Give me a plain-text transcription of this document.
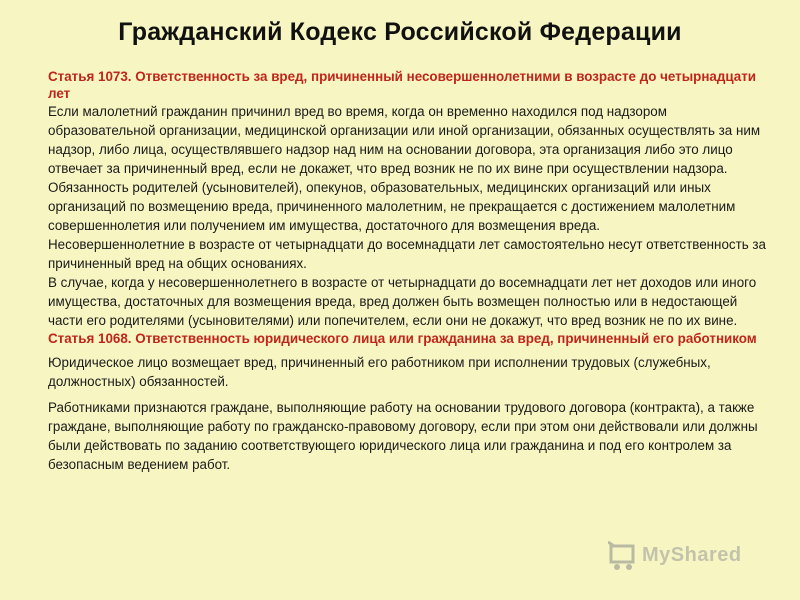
Гражданский Кодекс Российской Федерации

Статья 1073. Ответственность за вред, причиненный несовершеннолетними в возрасте до четырнадцати лет

Если малолетний гражданин причинил вред во время, когда он временно находился под надзором образовательной организации, медицинской организации или иной организации, обязанных осуществлять за ним надзор, либо лица, осуществлявшего надзор над ним на основании договора, эта организация либо это лицо отвечает за причиненный вред, если не докажет, что вред возник не по их вине при осуществлении надзора.

Обязанность родителей (усыновителей), опекунов, образовательных, медицинских организаций или иных организаций по возмещению вреда, причиненного малолетним, не прекращается с достижением малолетним совершеннолетия или получением им имущества, достаточного для возмещения вреда.

Несовершеннолетние в возрасте от четырнадцати до восемнадцати лет самостоятельно несут ответственность за причиненный вред на общих основаниях.

В случае, когда у несовершеннолетнего в возрасте от четырнадцати до восемнадцати лет нет доходов или иного имущества, достаточных для возмещения вреда, вред должен быть возмещен полностью или в недостающей части его родителями (усыновителями) или попечителем, если они не докажут, что вред возник не по их вине.

Статья 1068. Ответственность юридического лица или гражданина за вред, причиненный его работником

Юридическое лицо возмещает вред, причиненный его работником при исполнении трудовых (служебных, должностных) обязанностей.

Работниками признаются граждане, выполняющие работу на основании трудового договора (контракта), а также граждане, выполняющие работу по гражданско-правовому договору, если при этом они действовали или должны были действовать по заданию соответствующего юридического лица или гражданина и под его контролем за безопасным ведением работ.

MyShared
